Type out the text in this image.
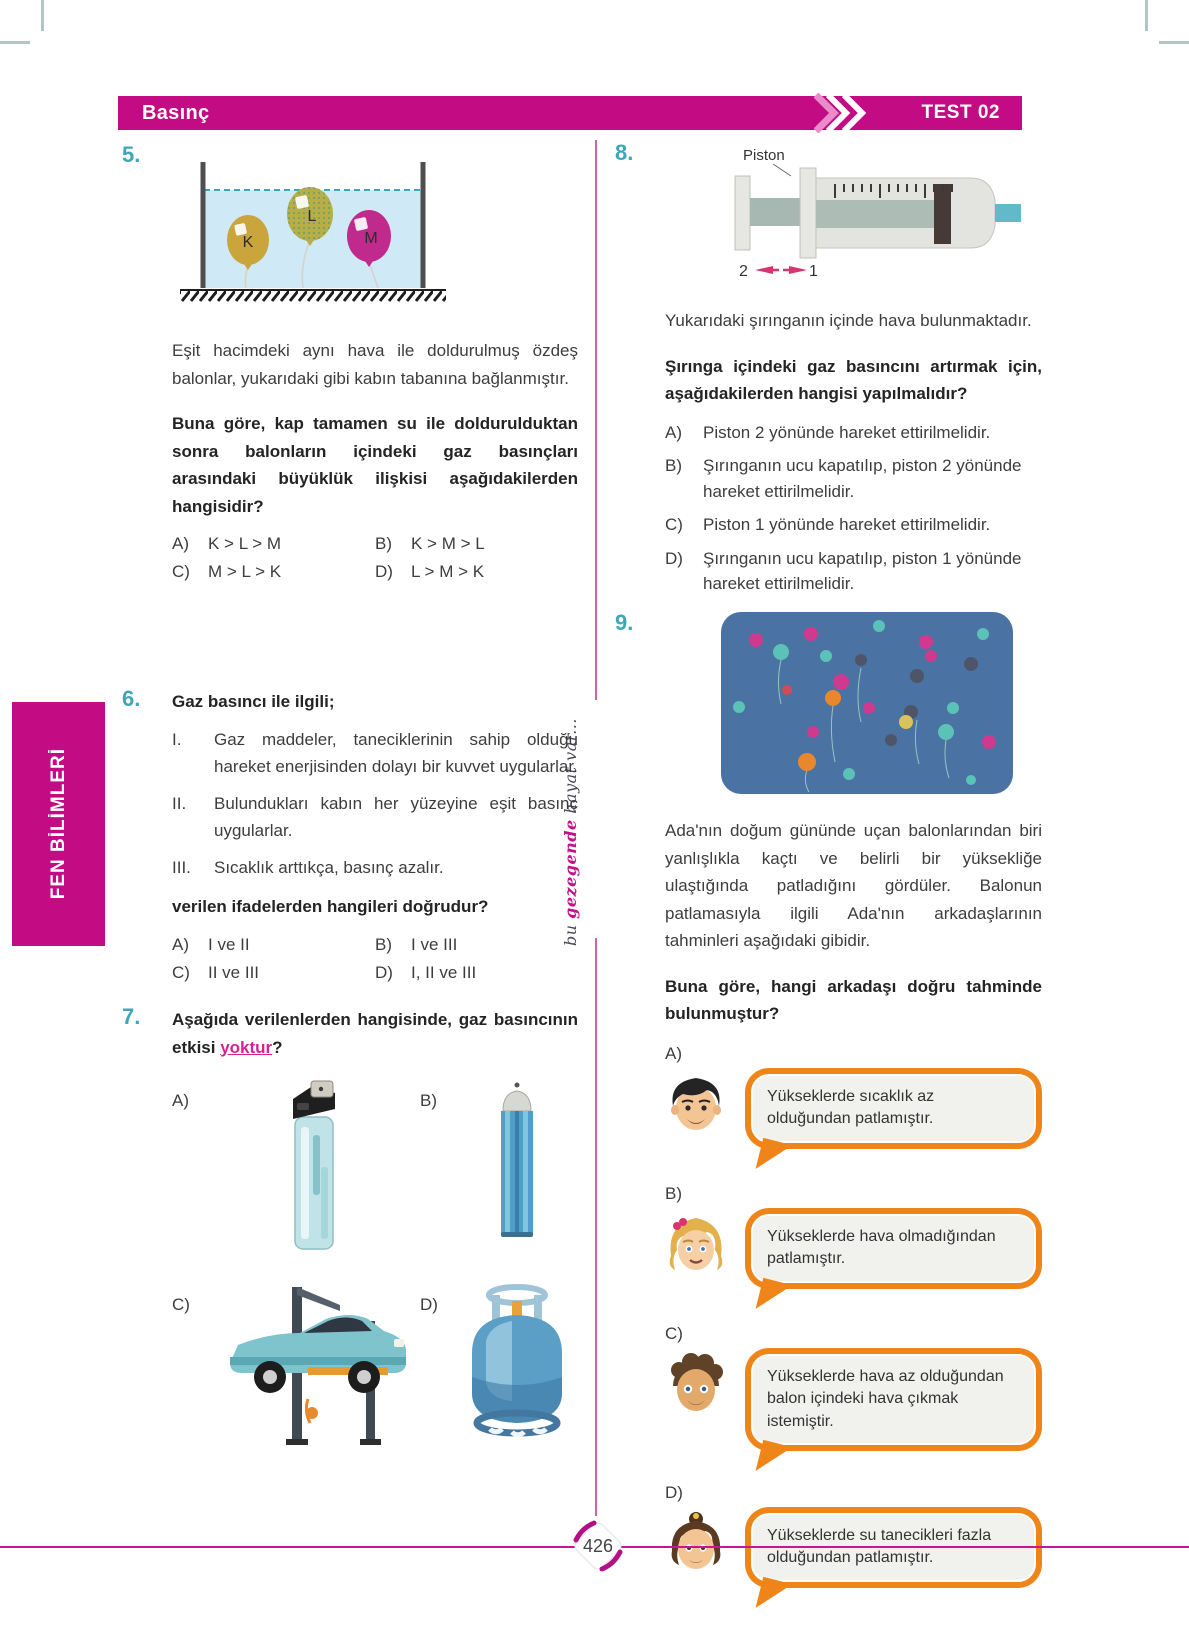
Basınç	TEST 02
FEN BİLİMLERİ
bu gezegende hayat var...
5.
K
L
M

Eşit hacimdeki aynı hava ile doldurulmuş özdeş balonlar, yukarıdaki gibi kabın tabanına bağlanmıştır.

Buna göre, kap tamamen su ile doldurulduktan sonra balonların içindeki gaz basınçları arasındaki büyüklük ilişkisi aşağıdakilerden hangisidir?

A)	K > L > M	B)	K > M > L
C)	M > L > K	D)	L > M > K
6. Gaz basıncı ile ilgili;

I.	Gaz maddeler, taneciklerinin sahip olduğu hareket enerjisinden dolayı bir kuvvet uygularlar.
II.	Bulundukları kabın her yüzeyine eşit basınç uygularlar.
III.	Sıcaklık arttıkça, basınç azalır.

verilen ifadelerden hangileri doğrudur?

A)	I ve II	B)	I ve III
C)	II ve III	D)	I, II ve III
7. Aşağıda verilenlerden hangisinde, gaz basıncının etkisi yoktur?

A)	B)
C)	D)
8.	Piston
2	1

Yukarıdaki şırınganın içinde hava bulunmaktadır.

Şırınga içindeki gaz basıncını artırmak için, aşağıdakilerden hangisi yapılmalıdır?

A)	Piston 2 yönünde hareket ettirilmelidir.
B)	Şırınganın ucu kapatılıp, piston 2 yönünde hareket ettirilmelidir.
C)	Piston 1 yönünde hareket ettirilmelidir.
D)	Şırınganın ucu kapatılıp, piston 1 yönünde hareket ettirilmelidir.
9.

Ada'nın doğum gününde uçan balonlarından biri yanlışlıkla kaçtı ve belirli bir yüksekliğe ulaştığında patladığını gördüler. Balonun patlamasıyla ilgili Ada'nın arkadaşlarının tahminleri aşağıdaki gibidir.

Buna göre, hangi arkadaşı doğru tahminde bulunmuştur?

A)
Yükseklerde sıcaklık az olduğundan patlamıştır.
B)
Yükseklerde hava olmadığından patlamıştır.
C)
Yükseklerde hava az olduğundan balon içindeki hava çıkmak istemiştir.
D)
Yükseklerde su tanecikleri fazla olduğundan patlamıştır.
426
